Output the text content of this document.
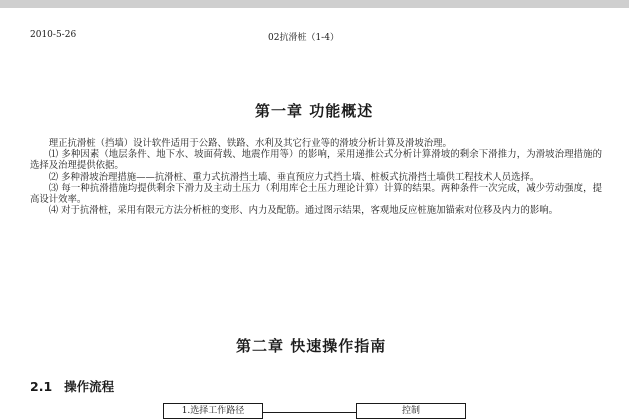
2010-5-26	02抗滑桩（1-4）
第一章 功能概述

理正抗滑桩（挡墙）设计软件适用于公路、铁路、水利及其它行业等的滑坡分析计算及滑坡治理。

⑴ 多种因素（地层条件、地下水、坡面荷载、地震作用等）的影响，采用递推公式分析计算滑坡的剩余下滑推力，为滑坡治理措施的选择及治理提供依据。

⑵ 多种滑坡治理措施——抗滑桩、重力式抗滑挡土墙、垂直预应力式挡土墙、桩板式抗滑挡土墙供工程技术人员选择。

⑶ 每一种抗滑措施均提供剩余下滑力及主动土压力（利用库仑土压力理论计算）计算的结果。两种条件一次完成，减少劳动强度，提高设计效率。

⑷ 对于抗滑桩，采用有限元方法分析桩的变形、内力及配筋。通过图示结果，客观地反应桩施加锚索对位移及内力的影响。

第二章 快速操作指南
2.1 操作流程
1.选择工作路径	控制
